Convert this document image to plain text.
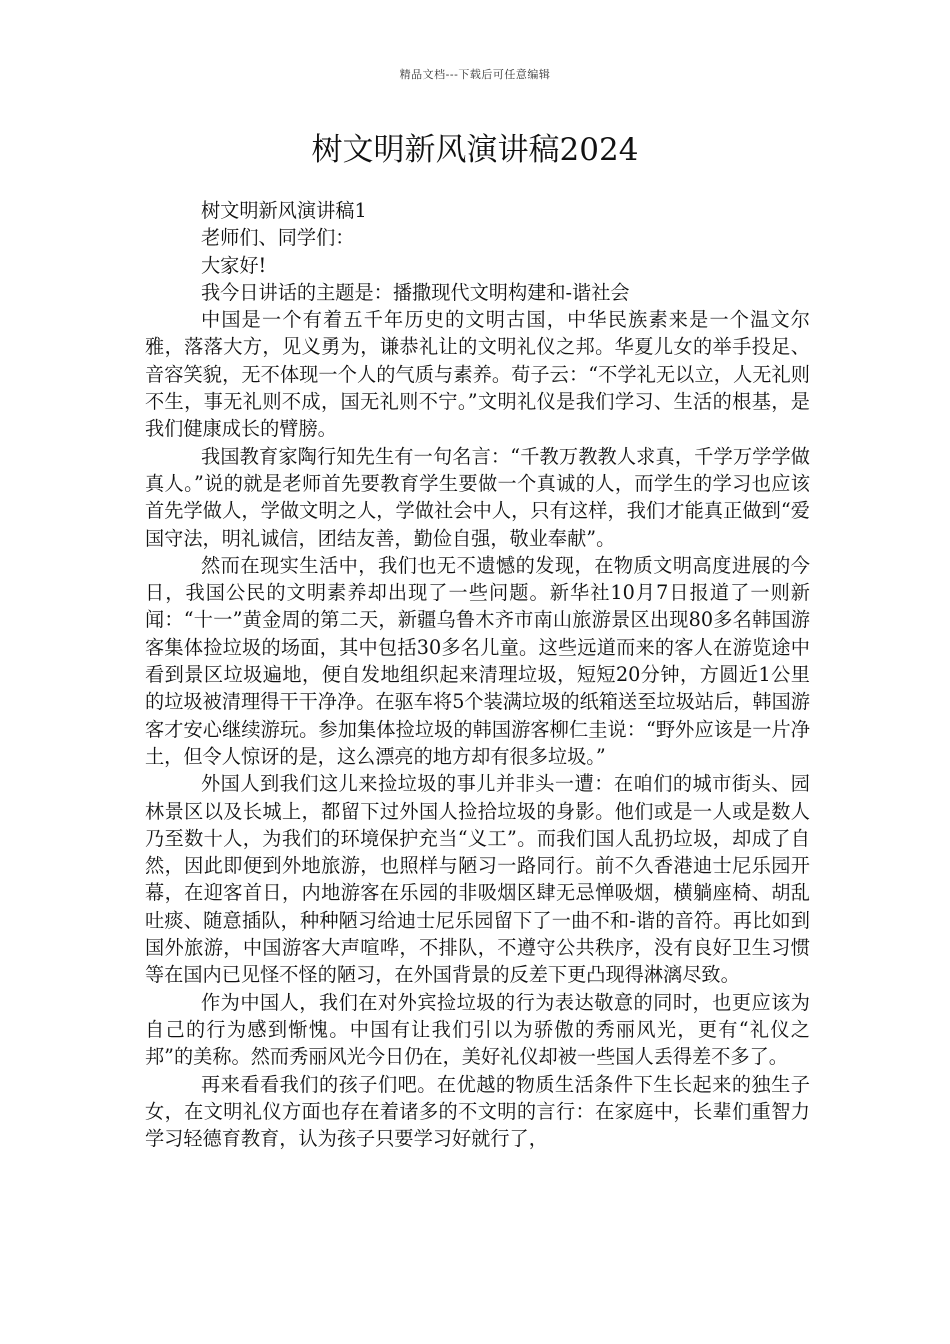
精品文档---下载后可任意编辑
树文明新风演讲稿2024

树文明新风演讲稿1

老师们、同学们：

大家好!

我今日讲话的主题是：播撒现代文明构建和-谐社会

中国是一个有着五千年历史的文明古国，中华民族素来是一个温文尔雅，落落大方，见义勇为，谦恭礼让的文明礼仪之邦。华夏儿女的举手投足、音容笑貌，无不体现一个人的气质与素养。荀子云：“不学礼无以立，人无礼则不生，事无礼则不成，国无礼则不宁。”文明礼仪是我们学习、生活的根基，是我们健康成长的臂膀。

我国教育家陶行知先生有一句名言：“千教万教教人求真，千学万学学做真人。”说的就是老师首先要教育学生要做一个真诚的人，而学生的学习也应该首先学做人，学做文明之人，学做社会中人，只有这样，我们才能真正做到“爱国守法，明礼诚信，团结友善，勤俭自强，敬业奉献”。

然而在现实生活中，我们也无不遗憾的发现，在物质文明高度进展的今日，我国公民的文明素养却出现了一些问题。新华社10月7日报道了一则新闻：“十一”黄金周的第二天，新疆乌鲁木齐市南山旅游景区出现80多名韩国游客集体捡垃圾的场面，其中包括30多名儿童。这些远道而来的客人在游览途中看到景区垃圾遍地，便自发地组织起来清理垃圾，短短20分钟，方圆近1公里的垃圾被清理得干干净净。在驱车将5个装满垃圾的纸箱送至垃圾站后，韩国游客才安心继续游玩。参加集体捡垃圾的韩国游客柳仁圭说：“野外应该是一片净土，但令人惊讶的是，这么漂亮的地方却有很多垃圾。”

外国人到我们这儿来捡垃圾的事儿并非头一遭：在咱们的城市街头、园林景区以及长城上，都留下过外国人捡拾垃圾的身影。他们或是一人或是数人乃至数十人，为我们的环境保护充当“义工”。而我们国人乱扔垃圾，却成了自然，因此即便到外地旅游，也照样与陋习一路同行。前不久香港迪士尼乐园开幕，在迎客首日，内地游客在乐园的非吸烟区肆无忌惮吸烟，横躺座椅、胡乱吐痰、随意插队，种种陋习给迪士尼乐园留下了一曲不和-谐的音符。再比如到国外旅游，中国游客大声喧哗，不排队，不遵守公共秩序，没有良好卫生习惯等在国内已见怪不怪的陋习，在外国背景的反差下更凸现得淋漓尽致。

作为中国人，我们在对外宾捡垃圾的行为表达敬意的同时，也更应该为自己的行为感到惭愧。中国有让我们引以为骄傲的秀丽风光，更有“礼仪之邦”的美称。然而秀丽风光今日仍在，美好礼仪却被一些国人丢得差不多了。

再来看看我们的孩子们吧。在优越的物质生活条件下生长起来的独生子女，在文明礼仪方面也存在着诸多的不文明的言行：在家庭中，长辈们重智力学习轻德育教育，认为孩子只要学习好就行了，
